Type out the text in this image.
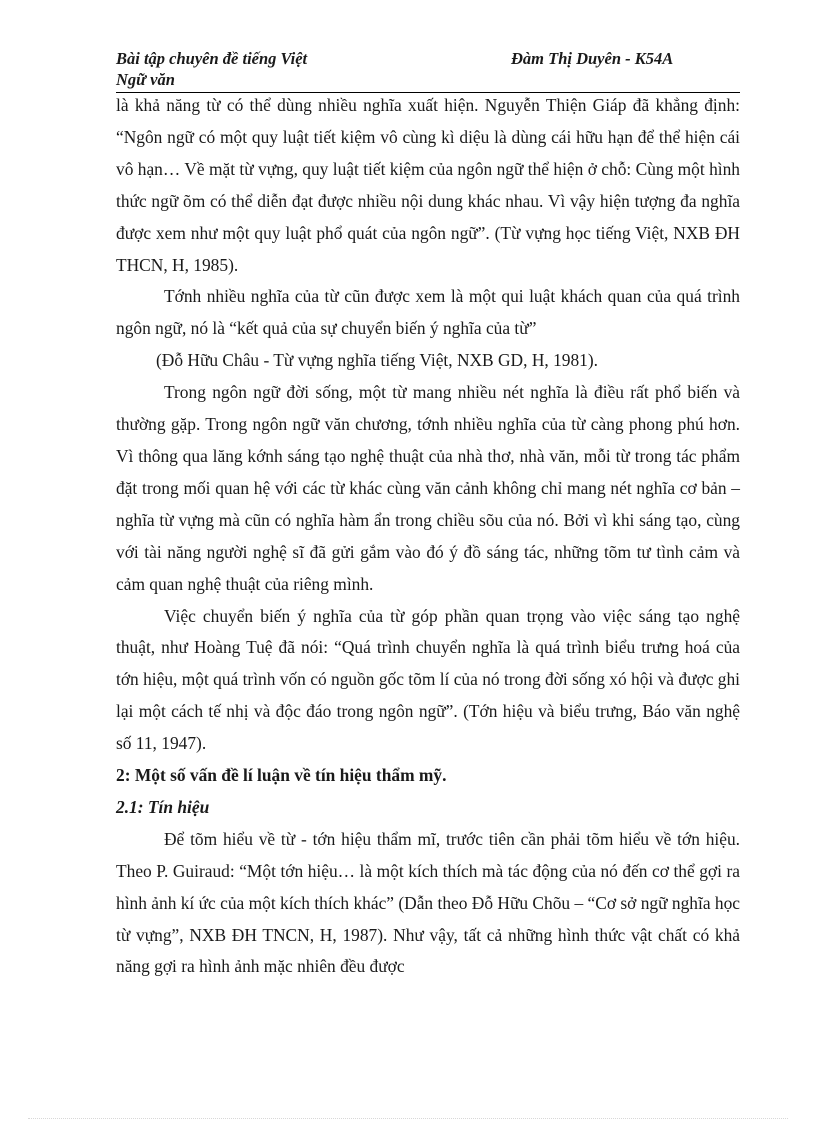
Bài tập chuyên đề tiếng Việt
Ngữ văn
Đàm Thị Duyên - K54A

là khả năng từ có thể dùng nhiều nghĩa xuất hiện. Nguyễn Thiện Giáp đã khẳng định: “Ngôn ngữ có một quy luật tiết kiệm vô cùng kì diệu là dùng cái hữu hạn để thể hiện cái vô hạn… Về mặt từ vựng, quy luật tiết kiệm của ngôn ngữ thể hiện ở chỗ: Cùng một hình thức ngữ õm có thể diễn đạt được nhiều nội dung khác nhau. Vì vậy hiện tượng đa nghĩa được xem như một quy luật phổ quát của ngôn ngữ”. (Từ vựng học tiếng Việt, NXB ĐH THCN, H, 1985).

Tớnh nhiều nghĩa của từ cũn được xem là một qui luật khách quan của quá trình ngôn ngữ, nó là “kết quả của sự chuyển biến ý nghĩa của từ”

(Đỗ Hữu Châu - Từ vựng nghĩa tiếng Việt, NXB GD, H, 1981).

Trong ngôn ngữ đời sống, một từ mang nhiều nét nghĩa là điều rất phổ biến và thường gặp. Trong ngôn ngữ văn chương, tớnh nhiều nghĩa của từ càng phong phú hơn. Vì thông qua lăng kớnh sáng tạo nghệ thuật của nhà thơ, nhà văn, mỗi từ trong tác phẩm đặt trong mối quan hệ với các từ khác cùng văn cảnh không chỉ mang nét nghĩa cơ bản – nghĩa từ vựng mà cũn có nghĩa hàm ẩn trong chiều sõu của nó. Bởi vì khi sáng tạo, cùng với tài năng người nghệ sĩ đã gửi gắm vào đó ý đồ sáng tác, những tõm tư tình cảm và cảm quan nghệ thuật của riêng mình.

Việc chuyển biến ý nghĩa của từ góp phần quan trọng vào việc sáng tạo nghệ thuật, như Hoàng Tuệ đã nói: “Quá trình chuyển nghĩa là quá trình biểu trưng hoá của tớn hiệu, một quá trình vốn có nguồn gốc tõm lí của nó trong đời sống xó hội và được ghi lại một cách tế nhị và độc đáo trong ngôn ngữ”. (Tớn hiệu và biểu trưng, Báo văn nghệ số 11, 1947).

2: Một số vấn đề lí luận về tín hiệu thẩm mỹ.

2.1: Tín hiệu

Để tõm hiểu về từ - tớn hiệu thẩm mĩ, trước tiên cần phải tõm hiểu về tớn hiệu. Theo P. Guiraud: “Một tớn hiệu… là một kích thích mà tác động của nó đến cơ thể gợi ra hình ảnh kí ức của một kích thích khác” (Dẫn theo Đỗ Hữu Chõu – “Cơ sở ngữ nghĩa học từ vựng”, NXB ĐH TNCN, H, 1987). Như vậy, tất cả những hình thức vật chất có khả năng gợi ra hình ảnh mặc nhiên đều được
